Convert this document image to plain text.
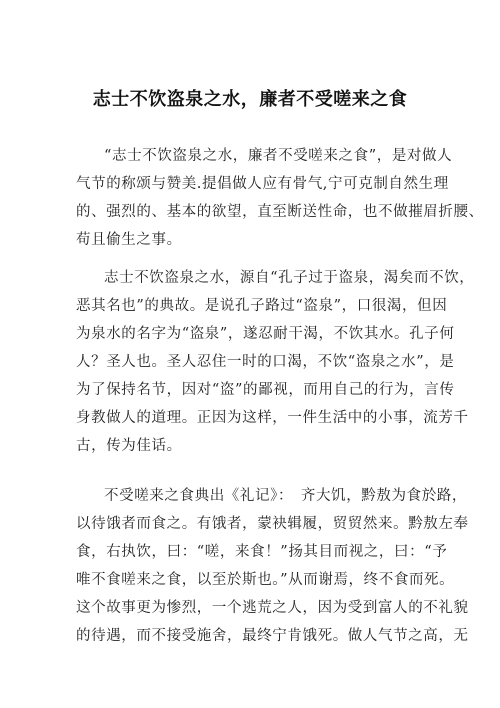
志士不饮盗泉之水，廉者不受嗟来之食
“志士不饮盗泉之水，廉者不受嗟来之食”，是对做人
气节的称颂与赞美.提倡做人应有骨气,宁可克制自然生理
的、强烈的、基本的欲望，直至断送性命，也不做摧眉折腰、
苟且偷生之事。
志士不饮盗泉之水，源自“孔子过于盗泉，渴矣而不饮，
恶其名也”的典故。是说孔子路过“盗泉”，口很渴，但因
为泉水的名字为“盗泉”，遂忍耐干渴，不饮其水。孔子何
人？圣人也。圣人忍住一时的口渴，不饮“盗泉之水”，是
为了保持名节，因对“盗”的鄙视，而用自己的行为，言传
身教做人的道理。正因为这样，一件生活中的小事，流芳千
古，传为佳话。
不受嗟来之食典出《礼记》：　齐大饥，黔敖为食於路，
以待饿者而食之。有饿者，蒙袂辑履，贸贸然来。黔敖左奉
食，右执饮，曰：“嗟，来食！”扬其目而视之，曰：“予
唯不食嗟来之食，以至於斯也。”从而谢焉，终不食而死。
这个故事更为惨烈，一个逃荒之人，因为受到富人的不礼貌
的待遇，而不接受施舍，最终宁肯饿死。做人气节之高，无
